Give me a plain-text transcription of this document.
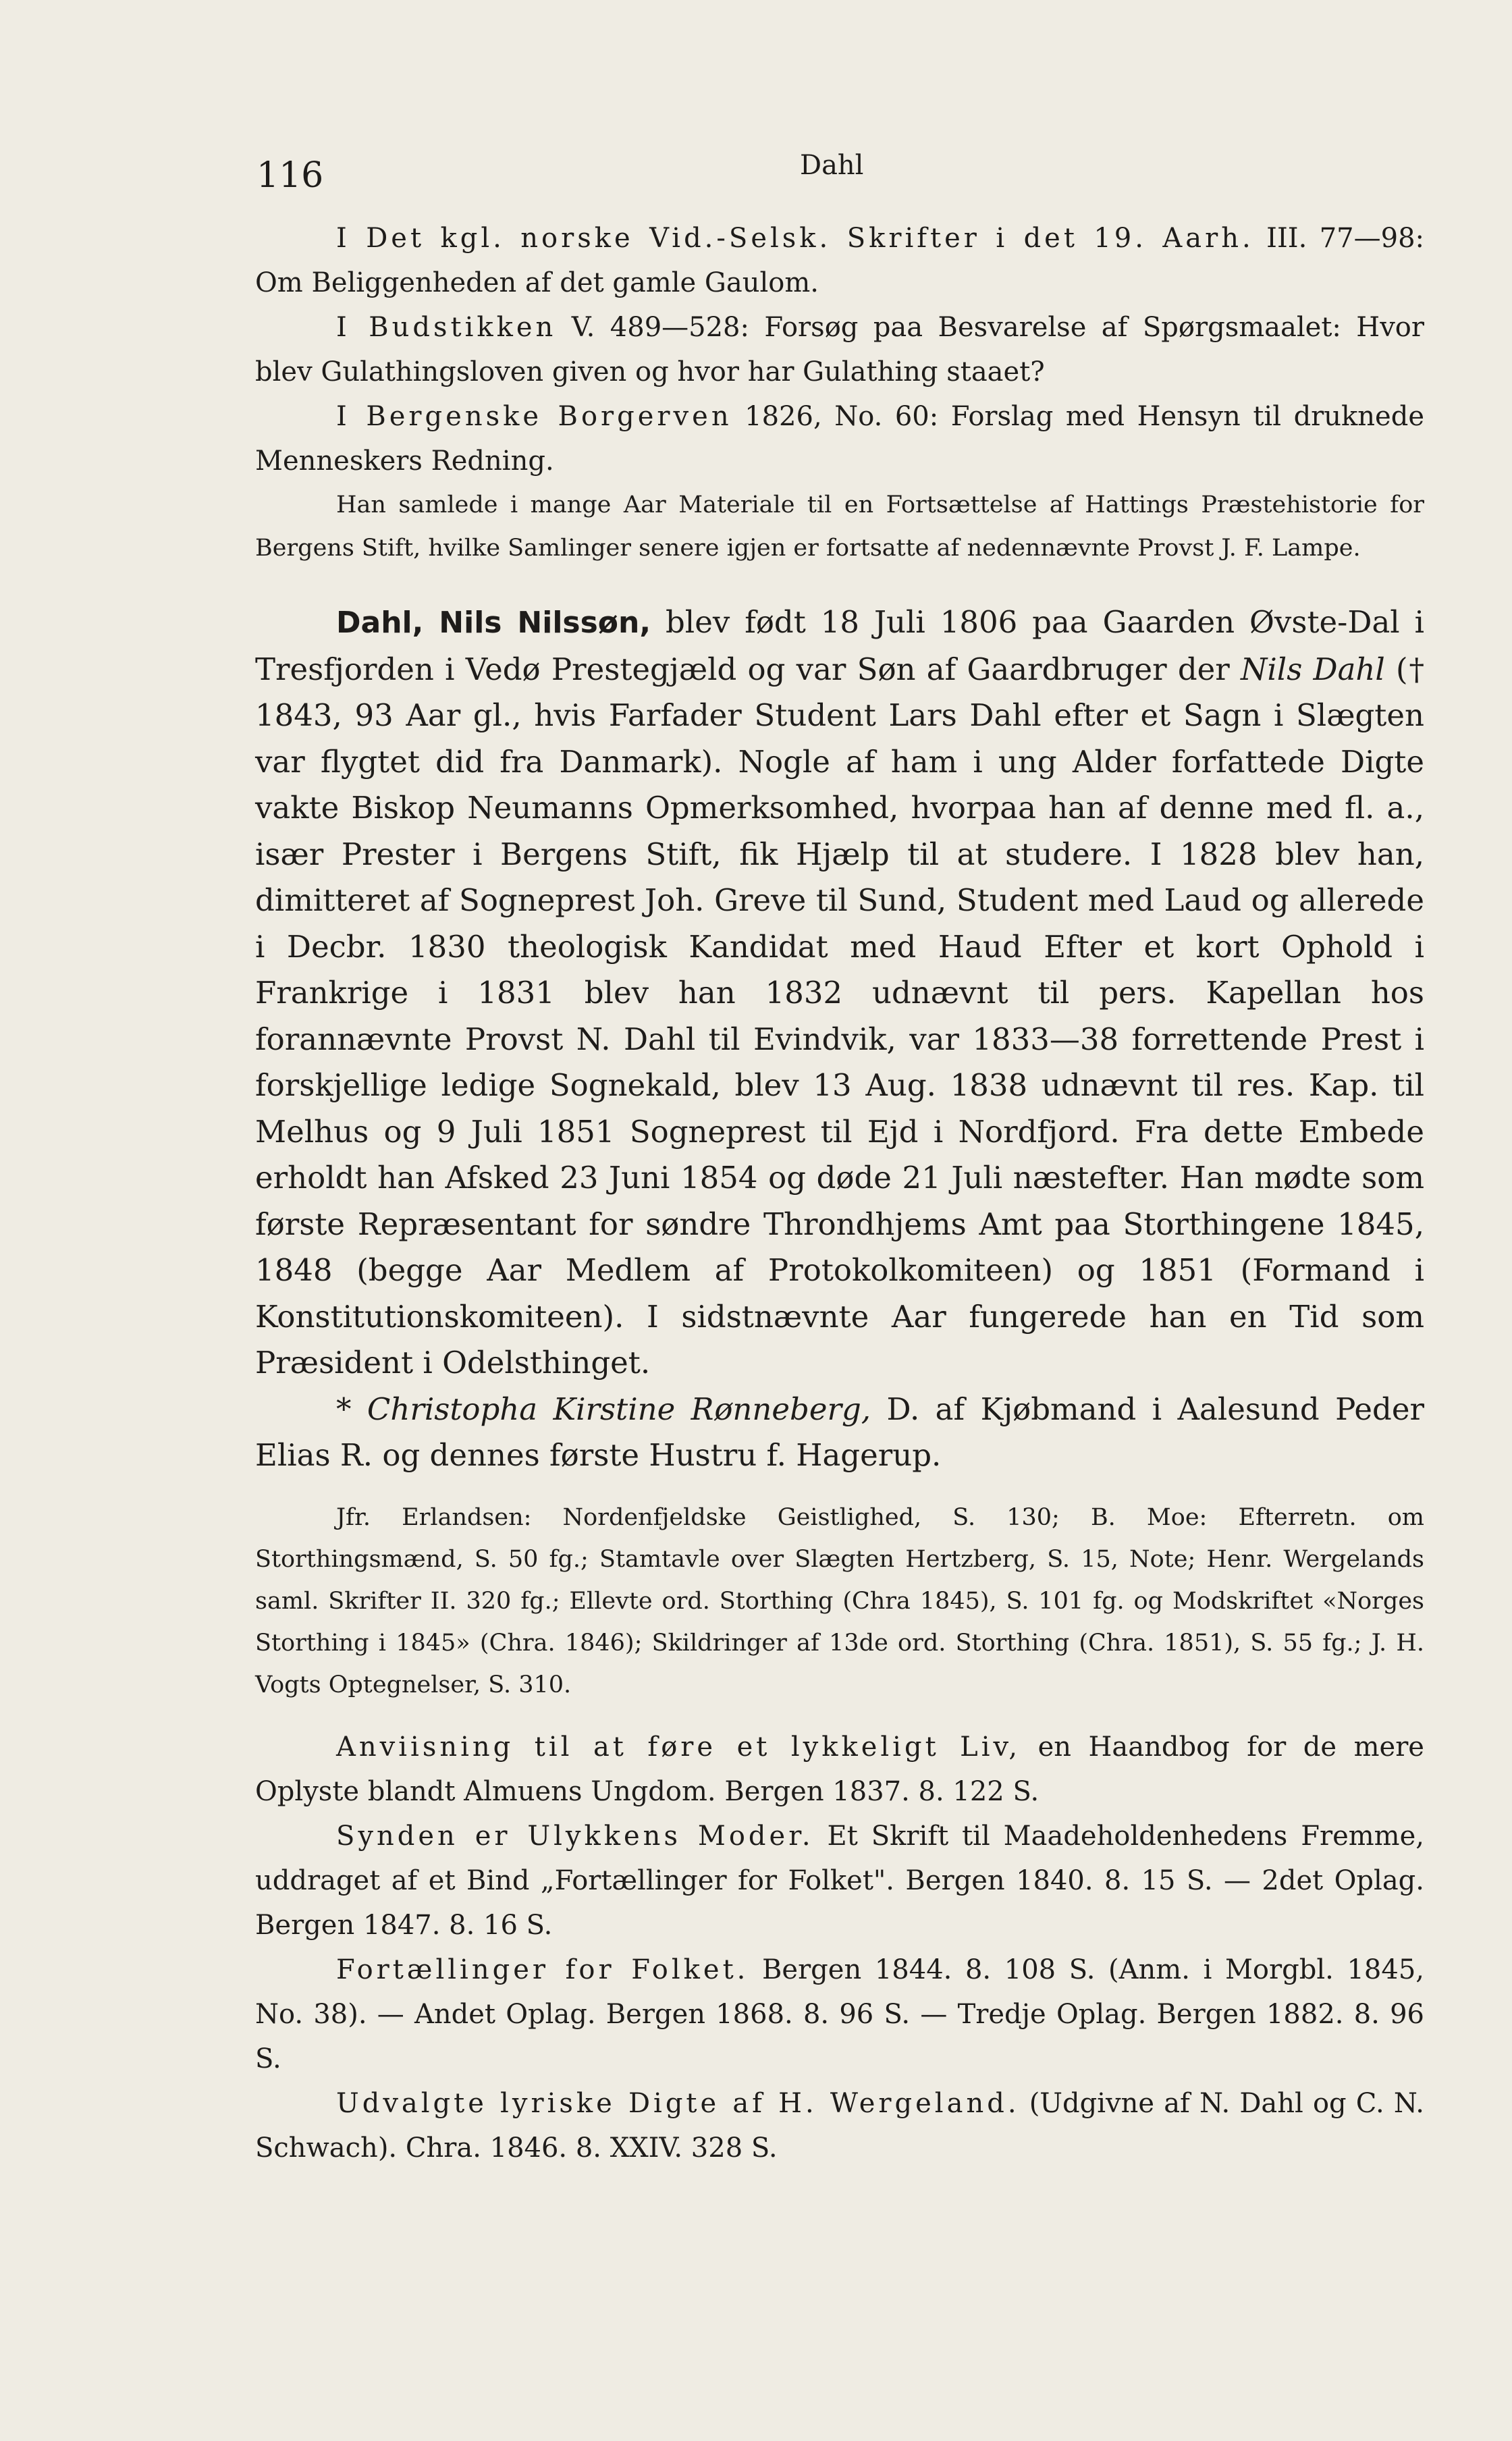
116	Dahl

I Det kgl. norske Vid.-Selsk. Skrifter i det 19. Aarh. III. 77—98: Om Beliggenheden af det gamle Gaulom.

I Budstikken V. 489—528: Forsøg paa Besvarelse af Spørgsmaalet: Hvor blev Gulathingsloven given og hvor har Gulathing staaet?

I Bergenske Borgerven 1826, No. 60: Forslag med Hensyn til druknede Menneskers Redning.

Han samlede i mange Aar Materiale til en Fortsættelse af Hattings Præstehistorie for Bergens Stift, hvilke Samlinger senere igjen er fortsatte af nedennævnte Provst J. F. Lampe.

Dahl, Nils Nilssøn, blev født 18 Juli 1806 paa Gaarden Øvste-Dal i Tresfjorden i Vedø Prestegjæld og var Søn af Gaardbruger der Nils Dahl († 1843, 93 Aar gl., hvis Farfader Student Lars Dahl efter et Sagn i Slægten var flygtet did fra Danmark). Nogle af ham i ung Alder forfattede Digte vakte Biskop Neumanns Opmerksomhed, hvorpaa han af denne med fl. a., især Prester i Bergens Stift, fik Hjælp til at studere. I 1828 blev han, dimitteret af Sogneprest Joh. Greve til Sund, Student med Laud og allerede i Decbr. 1830 theologisk Kandidat med Haud Efter et kort Ophold i Frankrige i 1831 blev han 1832 udnævnt til pers. Kapellan hos forannævnte Provst N. Dahl til Evindvik, var 1833—38 forrettende Prest i forskjellige ledige Sognekald, blev 13 Aug. 1838 udnævnt til res. Kap. til Melhus og 9 Juli 1851 Sogneprest til Ejd i Nordfjord. Fra dette Embede erholdt han Afsked 23 Juni 1854 og døde 21 Juli næstefter. Han mødte som første Repræsentant for søndre Throndhjems Amt paa Storthingene 1845, 1848 (begge Aar Medlem af Protokolkomiteen) og 1851 (Formand i Konstitutionskomiteen). I sidstnævnte Aar fungerede han en Tid som Præsident i Odelsthinget.

* Christopha Kirstine Rønneberg, D. af Kjøbmand i Aalesund Peder Elias R. og dennes første Hustru f. Hagerup.

Jfr. Erlandsen: Nordenfjeldske Geistlighed, S. 130; B. Moe: Efterretn. om Storthingsmænd, S. 50 fg.; Stamtavle over Slægten Hertzberg, S. 15, Note; Henr. Wergelands saml. Skrifter II. 320 fg.; Ellevte ord. Storthing (Chra 1845), S. 101 fg. og Modskriftet «Norges Storthing i 1845» (Chra. 1846); Skildringer af 13de ord. Storthing (Chra. 1851), S. 55 fg.; J. H. Vogts Optegnelser, S. 310.

Anviisning til at føre et lykkeligt Liv, en Haandbog for de mere Oplyste blandt Almuens Ungdom. Bergen 1837. 8. 122 S.

Synden er Ulykkens Moder. Et Skrift til Maadeholdenhedens Fremme, uddraget af et Bind „Fortællinger for Folket". Bergen 1840. 8. 15 S. — 2det Oplag. Bergen 1847. 8. 16 S.

Fortællinger for Folket. Bergen 1844. 8. 108 S. (Anm. i Morgbl. 1845, No. 38). — Andet Oplag. Bergen 1868. 8. 96 S. — Tredje Oplag. Bergen 1882. 8. 96 S.

Udvalgte lyriske Digte af H. Wergeland. (Udgivne af N. Dahl og C. N. Schwach). Chra. 1846. 8. XXIV. 328 S.
